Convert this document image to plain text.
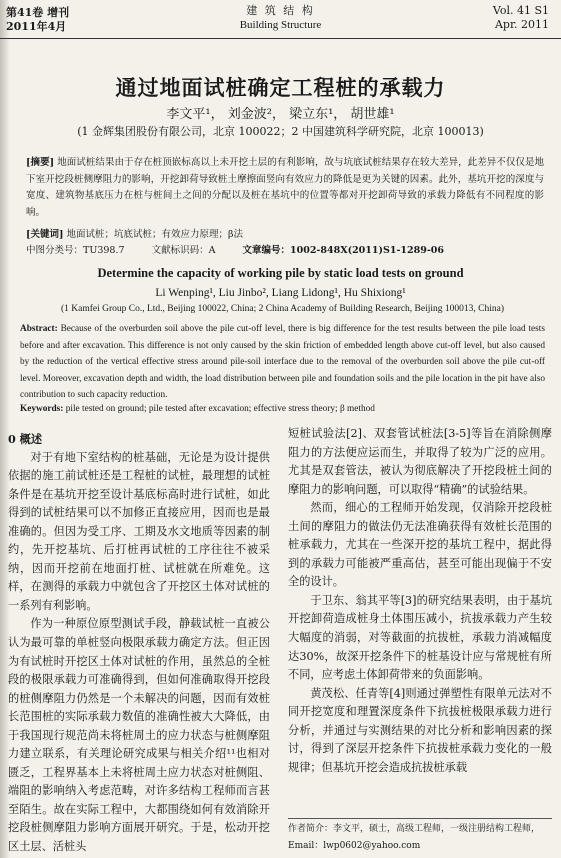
第41卷 增刊
2011年4月
建 筑 结 构
Building Structure
Vol. 41 S1
Apr. 2011
通过地面试桩确定工程桩的承载力
李文平¹， 刘金波²， 梁立东¹， 胡世雄¹
(1 金辉集团股份有限公司，北京 100022；2 中国建筑科学研究院，北京 100013)
[摘要] 地面试桩结果由于存在桩顶嵌标高以上未开挖土层的有利影响，故与坑底试桩结果存在较大差异，此差异不仅仅是地下室开挖段桩侧摩阻力的影响，开挖卸荷导致桩土摩擦面竖向有效应力的降低是更为关键的因素。此外，基坑开挖的深度与宽度、建筑物基底压力在桩与桩间土之间的分配以及桩在基坑中的位置等都对开挖卸荷导致的承载力降低有不同程度的影响。
[关键词] 地面试桩；坑底试桩；有效应力原理；β法
中图分类号：TU398.7	文献标识码：A	文章编号：1002-848X(2011)S1-1289-06
Determine the capacity of working pile by static load tests on ground
Li Wenping¹, Liu Jinbo², Liang Lidong¹, Hu Shixiong¹
(1 Kamfei Group Co., Ltd., Beijing 100022, China; 2 China Academy of Building Research, Beijing 100013, China)
Abstract: Because of the overburden soil above the pile cut-off level, there is big difference for the test results between the pile load tests before and after excavation. This difference is not only caused by the skin friction of embedded length above cut-off level, but also caused by the reduction of the vertical effective stress around pile-soil interface due to the removal of the overburden soil above the pile cut-off level. Moreover, excavation depth and width, the load distribution between pile and foundation soils and the pile location in the pit have also contribution to such capacity reduction.
Keywords: pile tested on ground; pile tested after excavation; effective stress theory; β method

0 概述

对于有地下室结构的桩基础，无论是为设计提供依据的施工前试桩还是工程桩的试桩，最理想的试桩条件是在基坑开挖至设计基底标高时进行试桩，如此得到的试桩结果可以不加修正直接应用，因而也是最准确的。但因为受工序、工期及水文地质等因素的制约，先开挖基坑、后打桩再试桩的工序往往不被采纳，因而开挖前在地面打桩、试桩就在所难免。这样，在测得的承载力中就包含了开挖区土体对试桩的一系列有利影响。

作为一种原位原型测试手段，静载试桩一直被公认为最可靠的单桩竖向极限承载力确定方法。但正因为有试桩时开挖区土体对试桩的作用，虽然总的全桩段的极限承载力可准确得到，但如何准确取得开挖段的桩侧摩阻力仍然是一个未解决的问题，因而有效桩长范围桩的实际承载力数值的准确性被大大降低，由于我国现行规范尚未将桩周土的应力状态与桩侧摩阻力建立联系，有关理论研究成果与相关介绍¹¹也相对匮乏，工程界基本上未将桩周土应力状态对桩侧阻、端阻的影响纳入考虑范畴，对许多结构工程师而言甚至陌生。故在实际工程中，大都围绕如何有效消除开挖段桩侧摩阻力影响方面展开研究。于是，松动开挖区土层、活桩头

短桩试验法[2]、双套管试桩法[3-5]等旨在消除侧摩阻力的方法便应运而生，并取得了较为广泛的应用。尤其是双套管法，被认为彻底解决了开挖段桩土间的摩阻力的影响问题，可以取得“精确”的试验结果。

然而，细心的工程师开始发现，仅消除开挖段桩土间的摩阻力的做法仍无法准确获得有效桩长范围的桩承载力，尤其在一些深开挖的基坑工程中，据此得到的承载力可能被严重高估，甚至可能出现偏于不安全的设计。

于卫东、翁其平等[3]的研究结果表明，由于基坑开挖卸荷造成桩身土体围压减小，抗拔承载力产生较大幅度的消弱，对等截面的抗拔桩，承载力消减幅度达30%，故深开挖条件下的桩基设计应与常规桩有所不同，应考虑土体卸荷带来的负面影响。

黄茂松、任青等[4]则通过弹塑性有限单元法对不同开挖宽度和理置深度条件下抗拔桩极限承载力进行分析，并通过与实测结果的对比分析和影响因素的探讨，得到了深层开挖条件下抗拔桩承载力变化的一般规律；但基坑开挖会造成抗拔桩承载

作者简介：李文平，硕士，高级工程师，一级注册结构工程师，Email：lwp0602@yahoo.com
